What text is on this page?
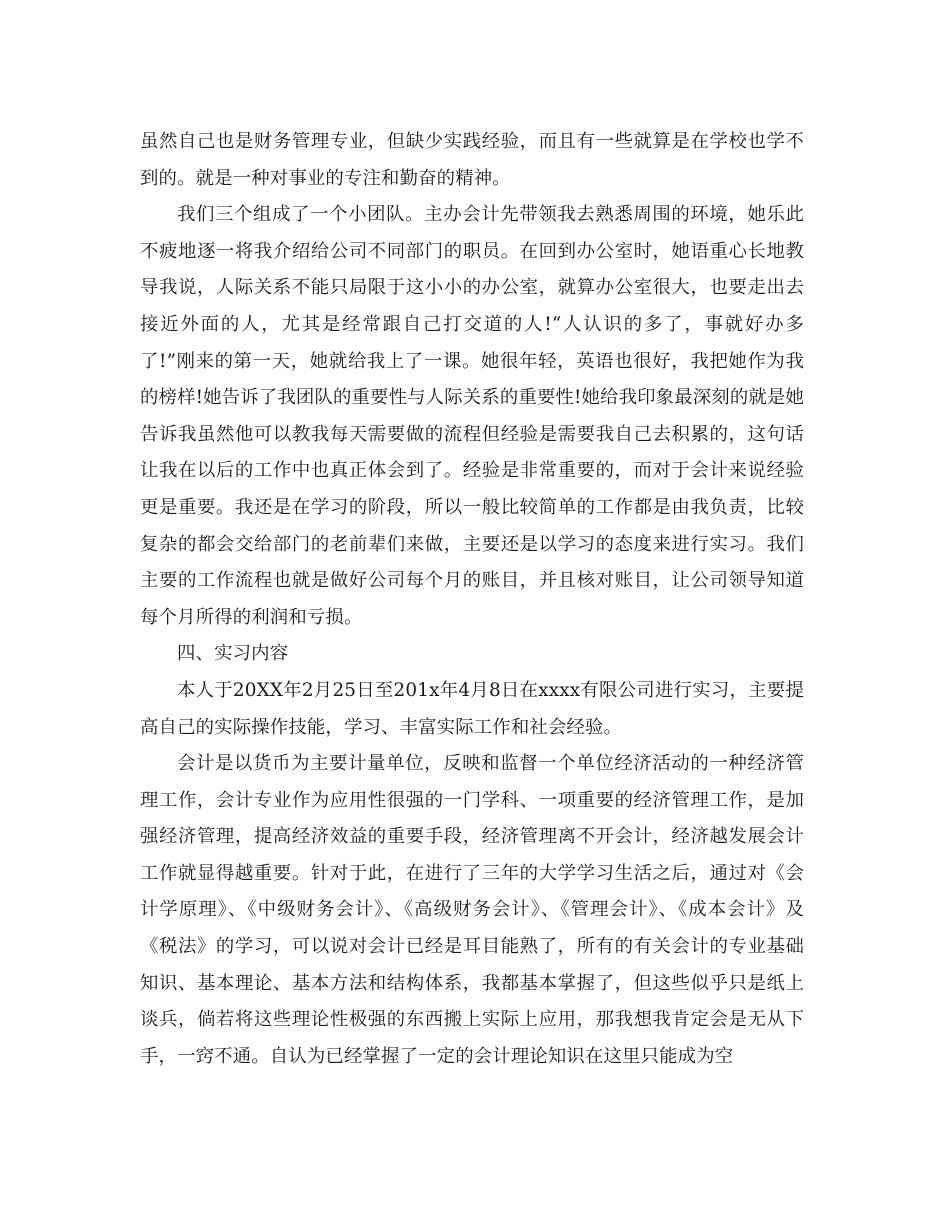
虽然自己也是财务管理专业，但缺少实践经验，而且有一些就算是在学校也学不到的。就是一种对事业的专注和勤奋的精神。

我们三个组成了一个小团队。主办会计先带领我去熟悉周围的环境，她乐此不疲地逐一将我介绍给公司不同部门的职员。在回到办公室时，她语重心长地教导我说，人际关系不能只局限于这小小的办公室，就算办公室很大，也要走出去接近外面的人，尤其是经常跟自己打交道的人!“人认识的多了，事就好办多了!”刚来的第一天，她就给我上了一课。她很年轻，英语也很好，我把她作为我的榜样!她告诉了我团队的重要性与人际关系的重要性!她给我印象最深刻的就是她告诉我虽然他可以教我每天需要做的流程但经验是需要我自己去积累的，这句话让我在以后的工作中也真正体会到了。经验是非常重要的，而对于会计来说经验更是重要。我还是在学习的阶段，所以一般比较简单的工作都是由我负责，比较复杂的都会交给部门的老前辈们来做，主要还是以学习的态度来进行实习。我们主要的工作流程也就是做好公司每个月的账目，并且核对账目，让公司领导知道每个月所得的利润和亏损。

四、实习内容

本人于20XX年2月25日至201x年4月8日在xxxx有限公司进行实习，主要提高自己的实际操作技能，学习、丰富实际工作和社会经验。

会计是以货币为主要计量单位，反映和监督一个单位经济活动的一种经济管理工作，会计专业作为应用性很强的一门学科、一项重要的经济管理工作，是加强经济管理，提高经济效益的重要手段，经济管理离不开会计，经济越发展会计工作就显得越重要。针对于此，在进行了三年的大学学习生活之后，通过对《会计学原理》、《中级财务会计》、《高级财务会计》、《管理会计》、《成本会计》及《税法》的学习，可以说对会计已经是耳目能熟了，所有的有关会计的专业基础知识、基本理论、基本方法和结构体系，我都基本掌握了，但这些似乎只是纸上谈兵，倘若将这些理论性极强的东西搬上实际上应用，那我想我肯定会是无从下手，一窍不通。自认为已经掌握了一定的会计理论知识在这里只能成为空
